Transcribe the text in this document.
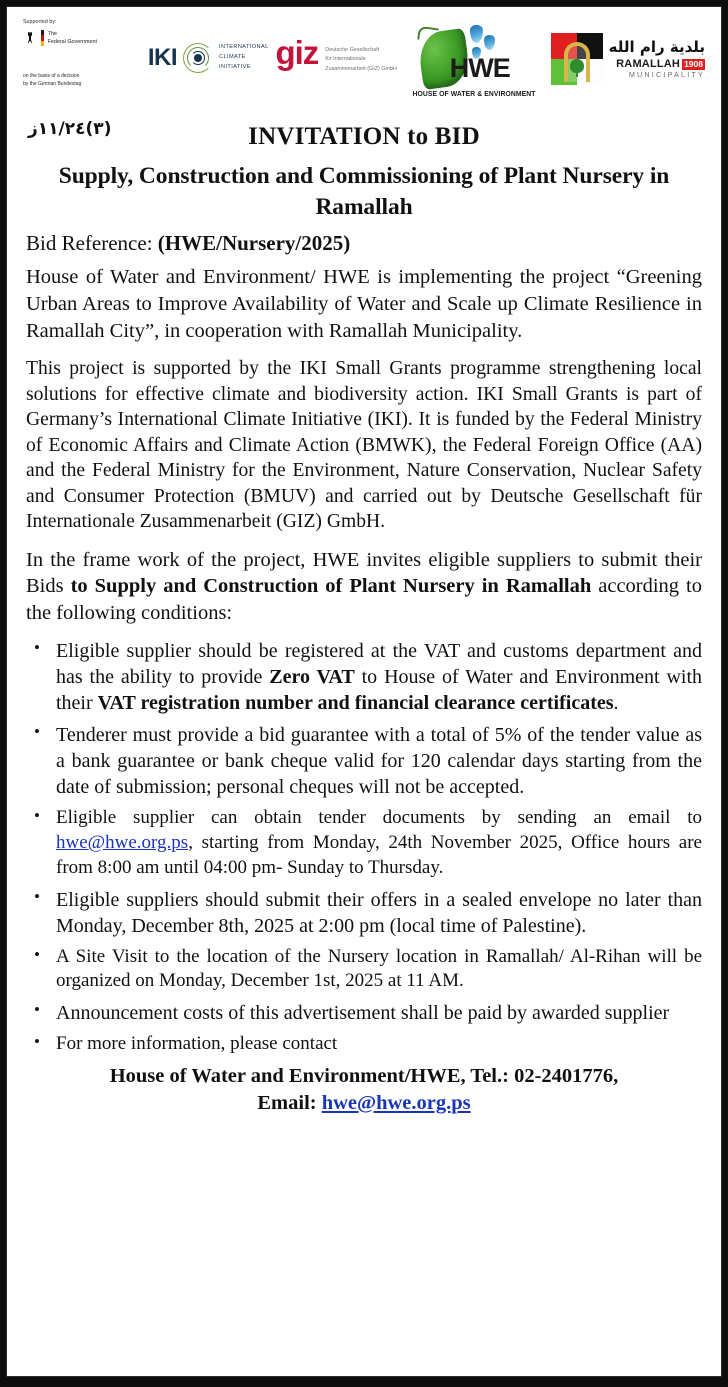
Supported by:
The
Federal Government
on the basis of a decision
by the German Bundestag
IKI	INTERNATIONAL
CLIMATE
INITIATIVE giz Deutsche Gesellschaft
für Internationale
Zusammenarbeit (GIZ) GmbH HWE
HOUSE OF WATER & ENVIRONMENT
بلدية رام الله
RAMALLAH 1908
MUNICIPALITY
(٣)١١/٢٤ز	INVITATION to BID
Supply, Construction and Commissioning of Plant Nursery in Ramallah
Bid Reference: (HWE/Nursery/2025)

House of Water and Environment/ HWE is implementing the project “Greening Urban Areas to Improve Availability of Water and Scale up Climate Resilience in Ramallah City”, in cooperation with Ramallah Municipality.

This project is supported by the IKI Small Grants programme strengthening local solutions for effective climate and biodiversity action. IKI Small Grants is part of Germany’s International Climate Initiative (IKI). It is funded by the Federal Ministry of Economic Affairs and Climate Action (BMWK), the Federal Foreign Office (AA) and the Federal Ministry for the Environment, Nature Conservation, Nuclear Safety and Consumer Protection (BMUV) and carried out by Deutsche Gesellschaft für Internationale Zusammenarbeit (GIZ) GmbH.

In the frame work of the project, HWE invites eligible suppliers to submit their Bids to Supply and Construction of Plant Nursery in Ramallah according to the following conditions:

• Eligible supplier should be registered at the VAT and customs department and has the ability to provide Zero VAT to House of Water and Environment with their VAT registration number and financial clearance certificates.
• Tenderer must provide a bid guarantee with a total of 5% of the tender value as a bank guarantee or bank cheque valid for 120 calendar days starting from the date of submission; personal cheques will not be accepted.
• Eligible supplier can obtain tender documents by sending an email to hwe@hwe.org.ps, starting from Monday, 24th November 2025, Office hours are from 8:00 am until 04:00 pm- Sunday to Thursday.
• Eligible suppliers should submit their offers in a sealed envelope no later than Monday, December 8th, 2025 at 2:00 pm (local time of Palestine).
• A Site Visit to the location of the Nursery location in Ramallah/ Al-Rihan will be organized on Monday, December 1st, 2025 at 11 AM.
• Announcement costs of this advertisement shall be paid by awarded supplier
• For more information, please contact
House of Water and Environment/HWE, Tel.: 02-2401776,
Email: hwe@hwe.org.ps
